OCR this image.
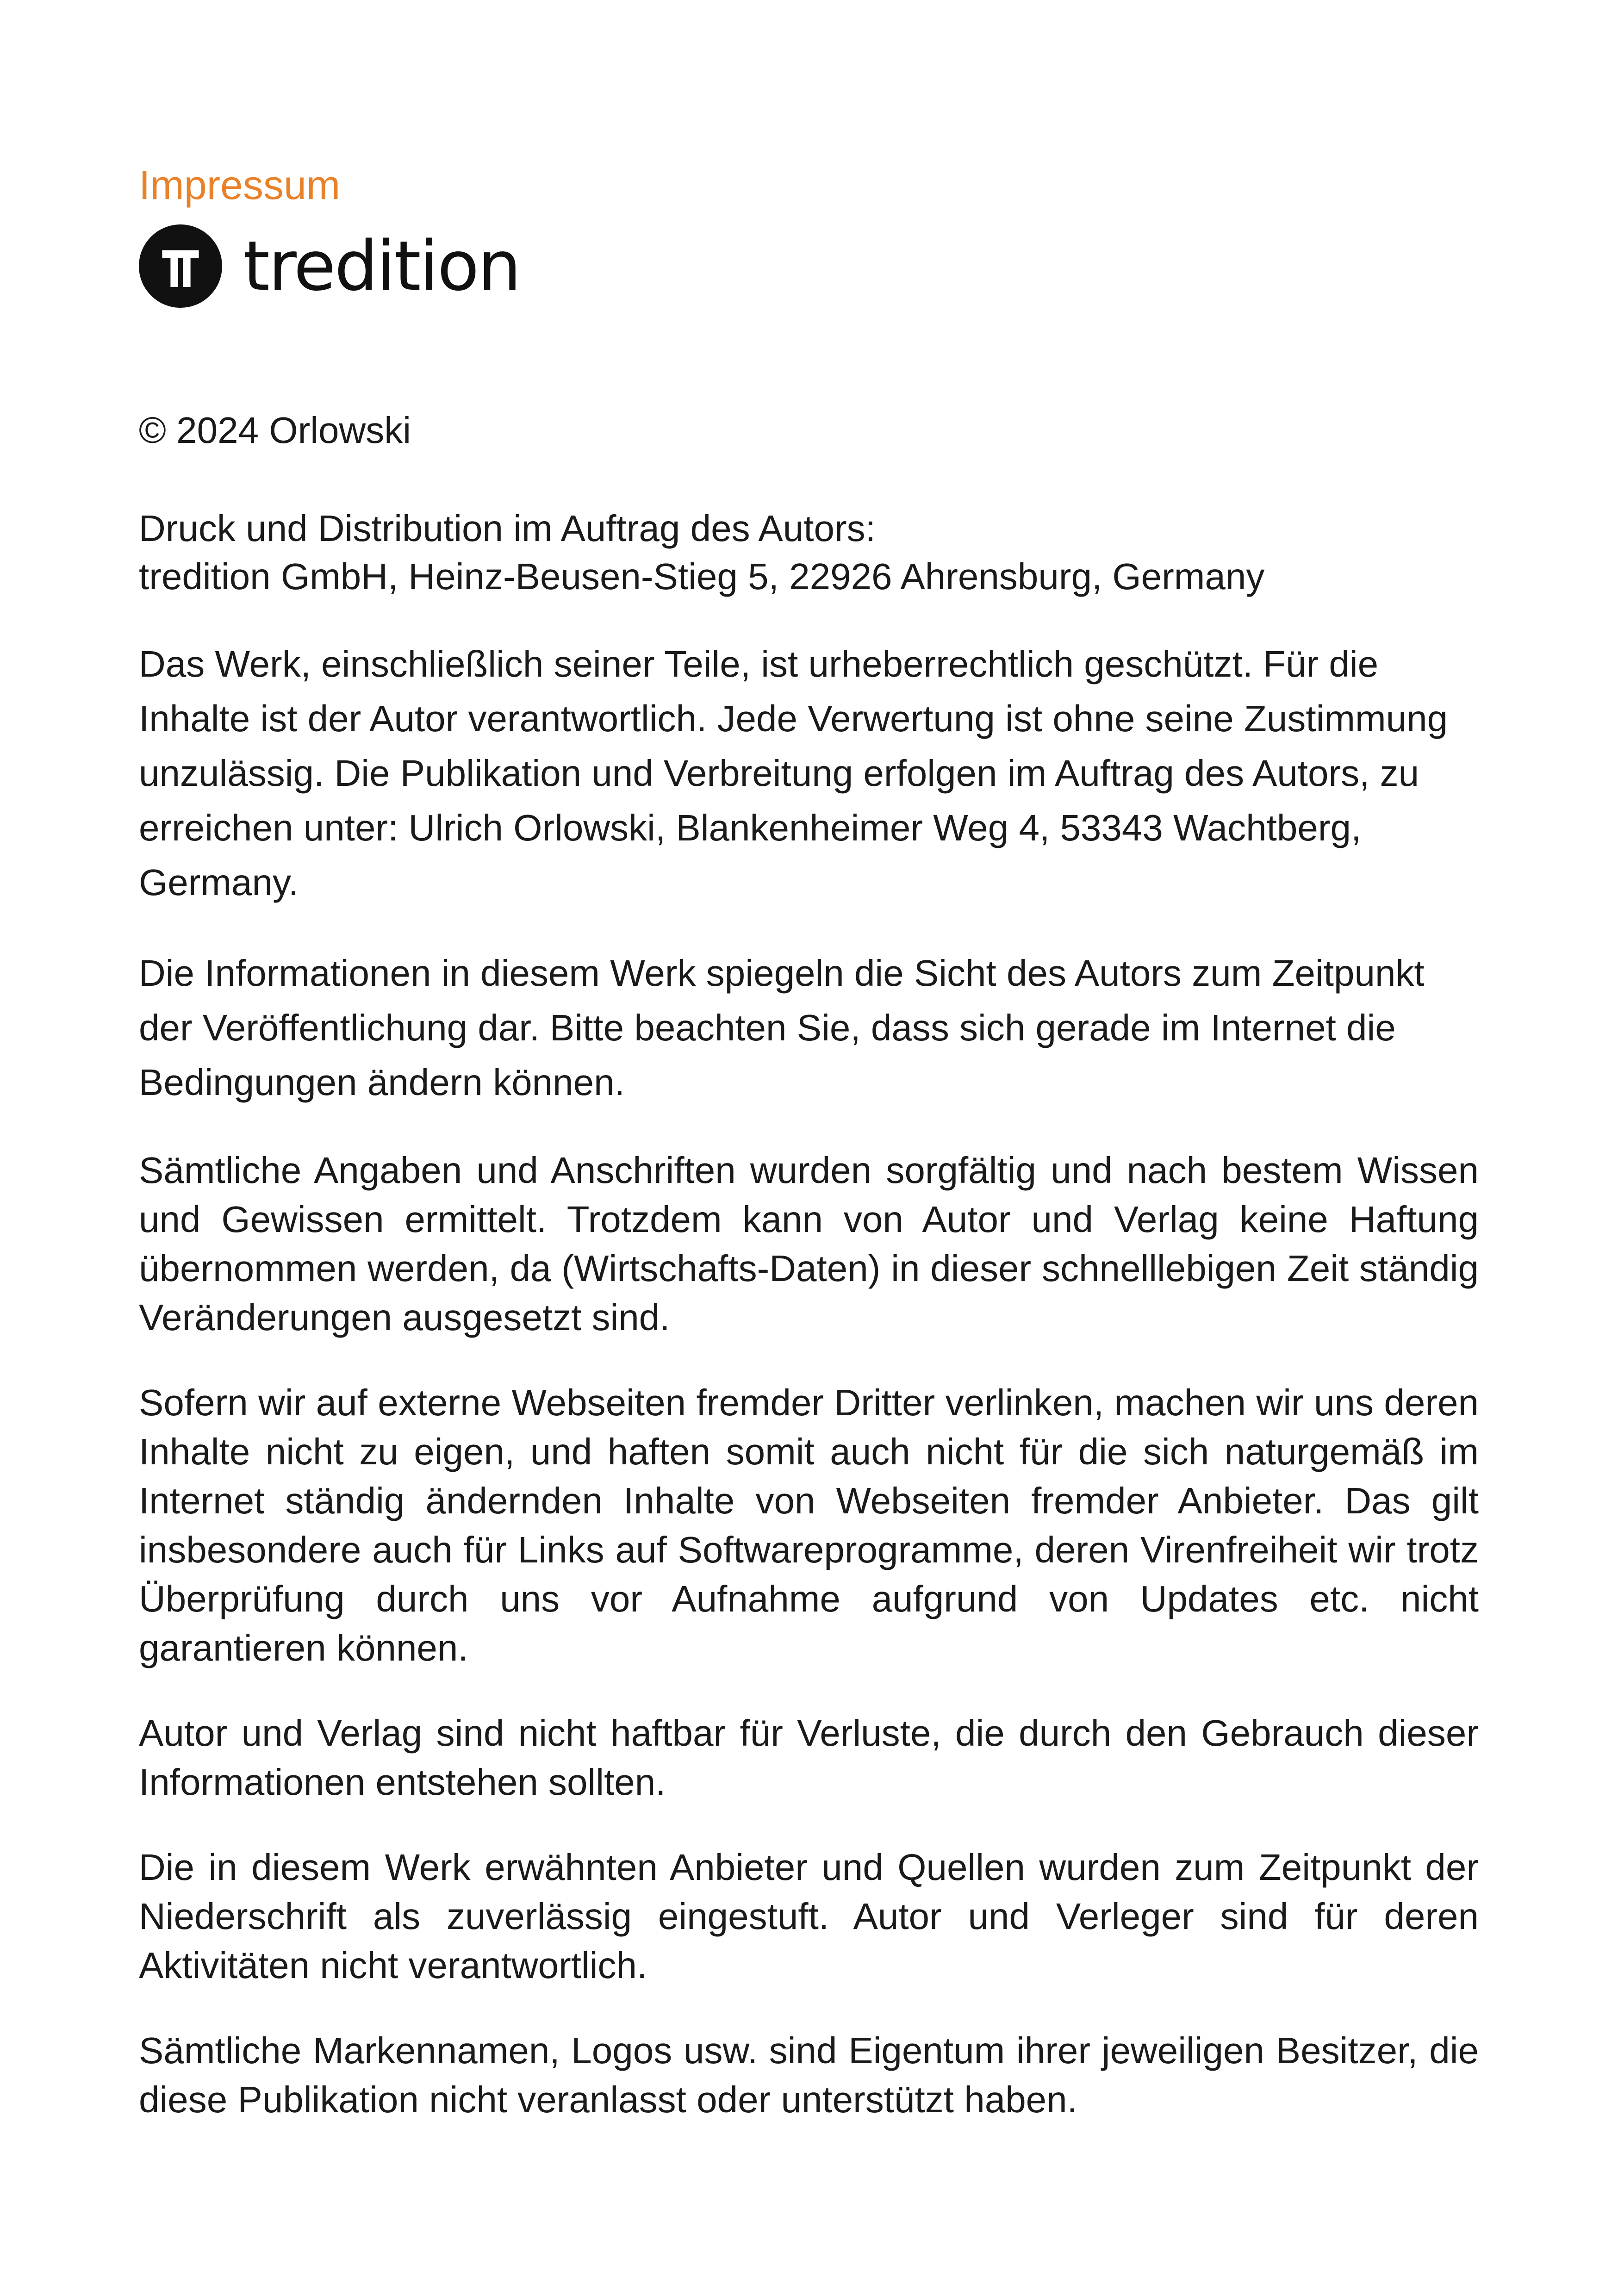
Impressum
tredition

© 2024 Orlowski

Druck und Distribution im Auftrag des Autors:
tredition GmbH, Heinz-Beusen-Stieg 5, 22926 Ahrensburg, Germany

Das Werk, einschließlich seiner Teile, ist urheberrechtlich geschützt. Für die Inhalte ist der Autor verantwortlich. Jede Verwertung ist ohne seine Zustimmung unzulässig. Die Publikation und Verbreitung erfolgen im Auftrag des Autors, zu erreichen unter: Ulrich Orlowski, Blankenheimer Weg 4, 53343 Wachtberg, Germany.

Die Informationen in diesem Werk spiegeln die Sicht des Autors zum Zeitpunkt der Veröffentlichung dar. Bitte beachten Sie, dass sich gerade im Internet die Bedingungen ändern können.

Sämtliche Angaben und Anschriften wurden sorgfältig und nach bestem Wissen und Gewissen ermittelt. Trotzdem kann von Autor und Verlag keine Haftung übernommen werden, da (Wirtschafts-Daten) in dieser schnelllebigen Zeit ständig Veränderungen ausgesetzt sind.

Sofern wir auf externe Webseiten fremder Dritter verlinken, machen wir uns deren Inhalte nicht zu eigen, und haften somit auch nicht für die sich naturgemäß im Internet ständig ändernden Inhalte von Webseiten fremder Anbieter. Das gilt insbesondere auch für Links auf Softwareprogramme, deren Virenfreiheit wir trotz Überprüfung durch uns vor Aufnahme aufgrund von Updates etc. nicht garantieren können.

Autor und Verlag sind nicht haftbar für Verluste, die durch den Gebrauch dieser Informationen entstehen sollten.

Die in diesem Werk erwähnten Anbieter und Quellen wurden zum Zeitpunkt der Niederschrift als zuverlässig eingestuft. Autor und Verleger sind für deren Aktivitäten nicht verantwortlich.

Sämtliche Markennamen, Logos usw. sind Eigentum ihrer jeweiligen Besitzer, die diese Publikation nicht veranlasst oder unterstützt haben.
